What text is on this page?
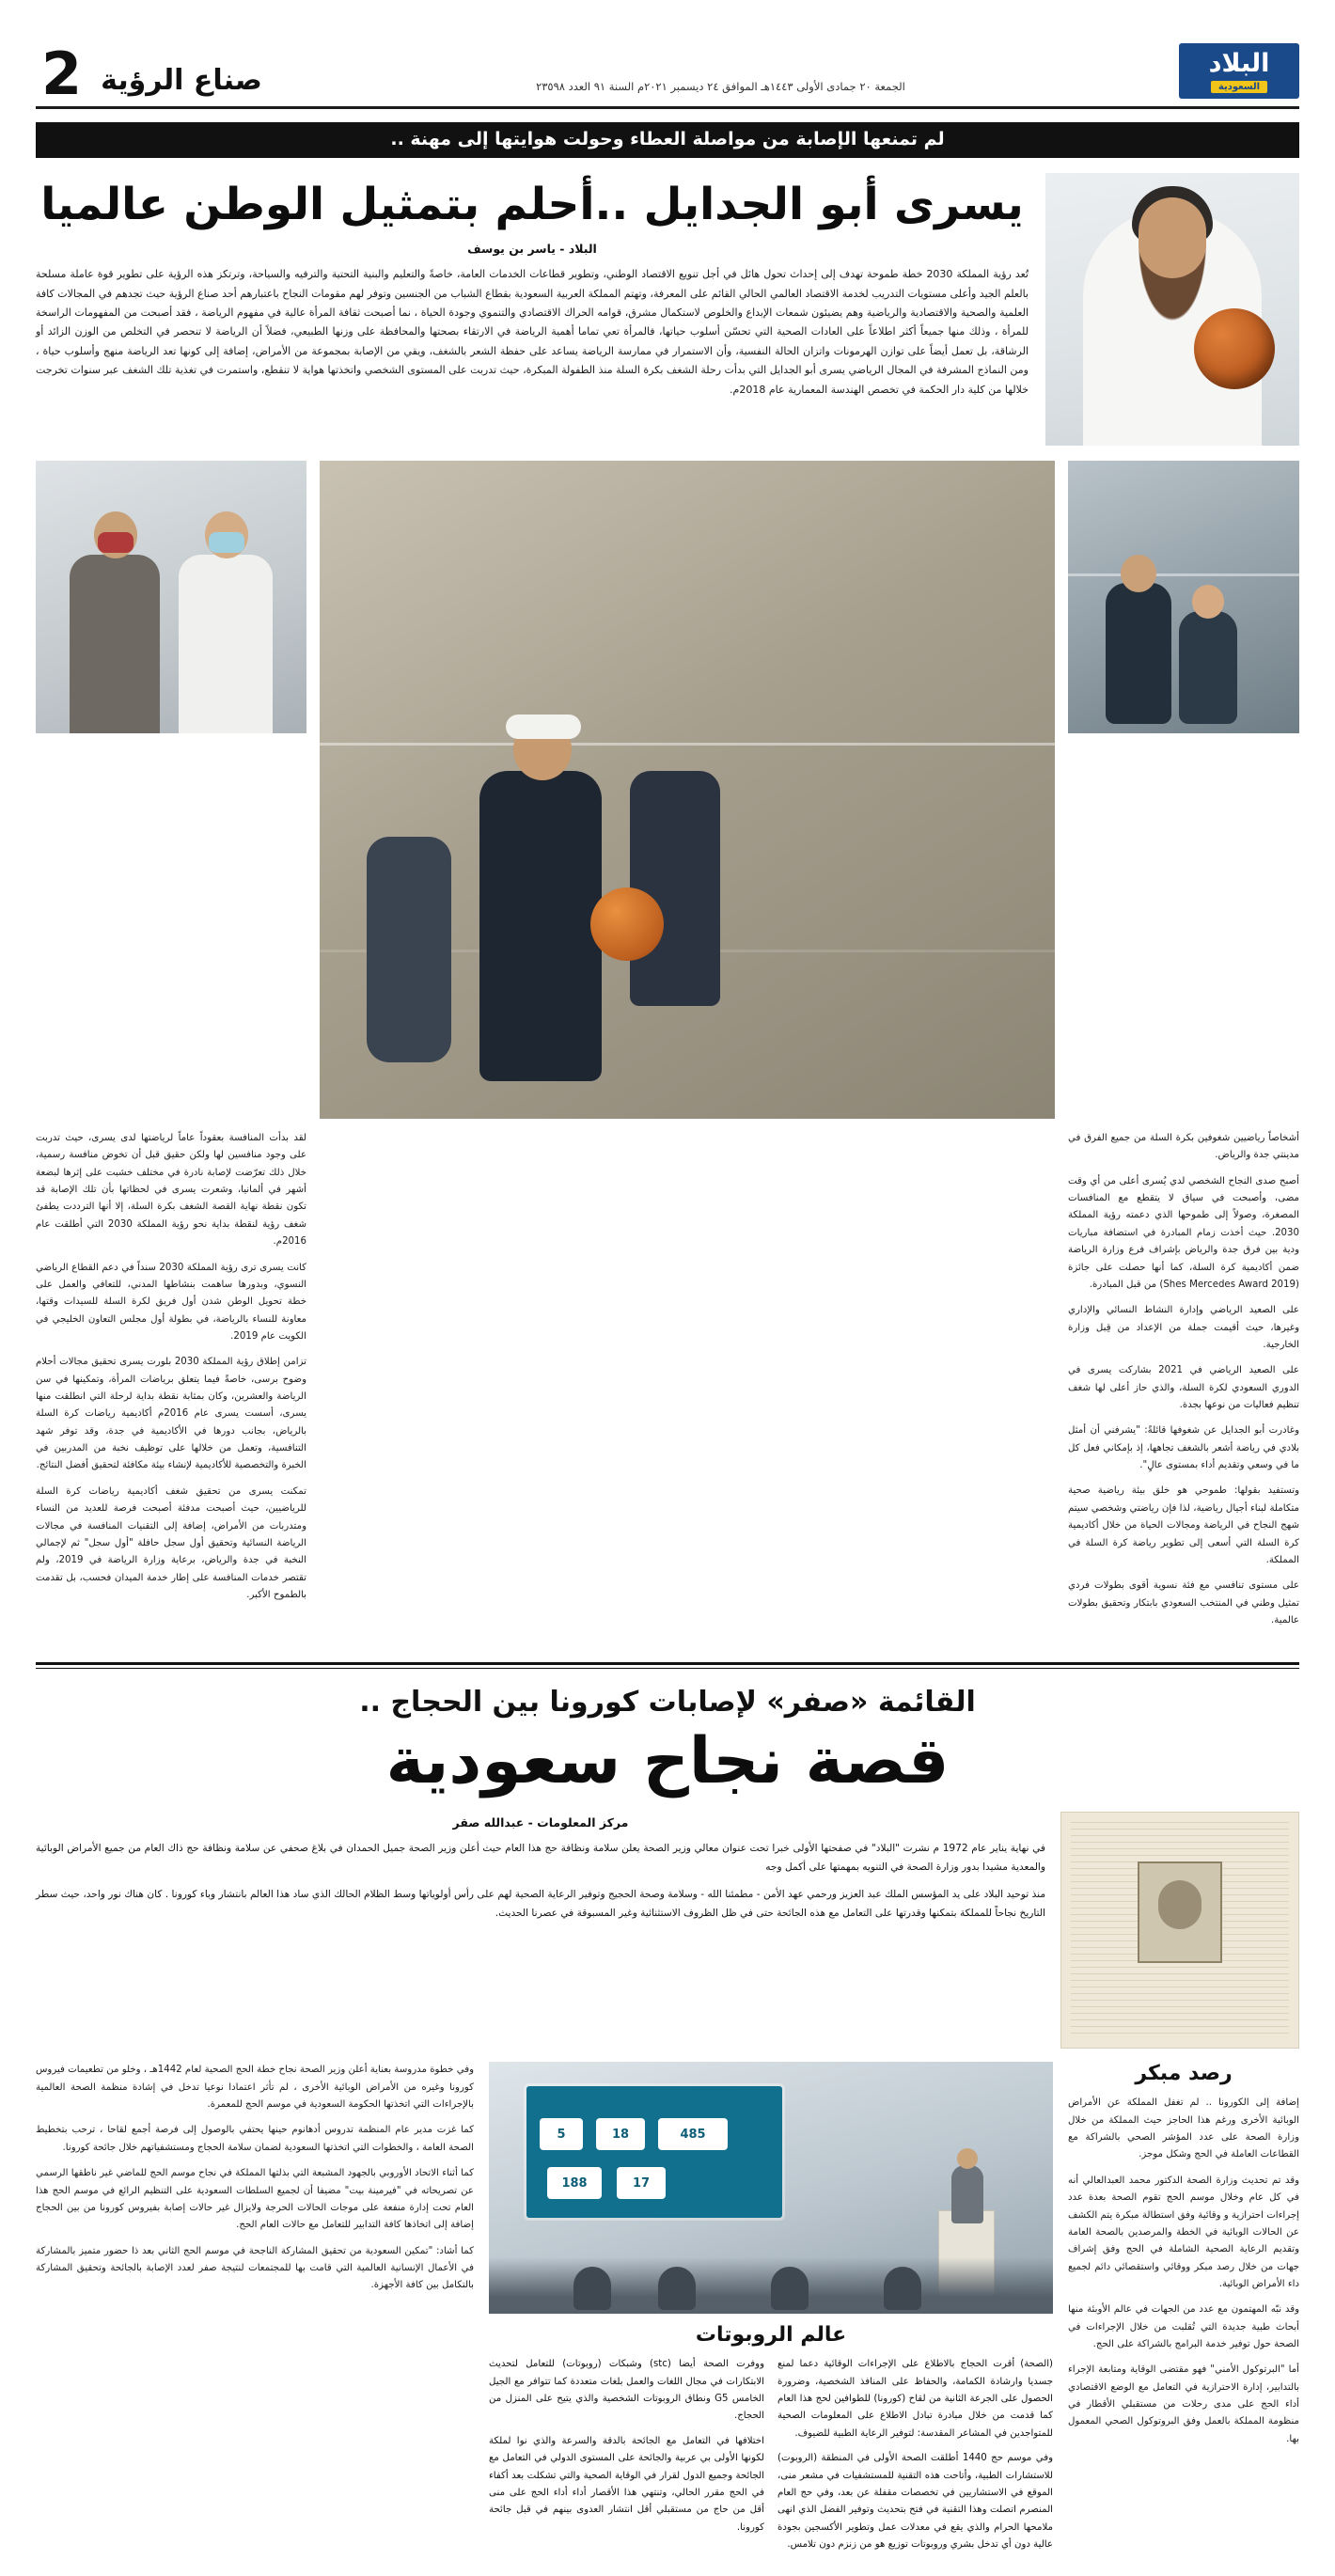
البلاد
السعودية
الجمعة ٢٠ جمادى الأولى ١٤٤٣هـ الموافق ٢٤ ديسمبر ٢٠٢١م السنة ٩١ العدد ٢٣٥٩٨
صناع الرؤية
2
لم تمنعها الإصابة من مواصلة العطاء وحولت هوايتها إلى مهنة ..
يسرى أبو الجدايل ..أحلم بتمثيل الوطن عالميا
البلاد - ياسر بن يوسف
تُعد رؤية المملكة 2030 خطة طموحة تهدف إلى إحداث تحول هائل في أجل تنويع الاقتصاد الوطني، وتطوير قطاعات الخدمات العامة، خاصةً والتعليم والبنية التحتية والترفيه والسياحة، وترتكز هذه الرؤية على تطوير قوة عاملة مسلحة بالعلم الجيد وأعلى مستويات التدريب لخدمة الاقتصاد العالمي الحالي القائم على المعرفة، وتهتم المملكة العربية السعودية بقطاع الشباب من الجنسين وتوفر لهم مقومات النجاح باعتبارهم أحد صناع الرؤية حيث تجدهم في المجالات كافة العلمية والصحية والاقتصادية والرياضية وهم يضيئون شمعات الإبداع والخلوص لاستكمال مشرق، قوامه الحراك الاقتصادي والتنموي وجودة الحياة ، نما أصبحت ثقافة المرأة عالية في مفهوم الرياضة ، فقد أصبحت من المفهومات الراسخة للمرأة ، وذلك منها جميعاً أكثر اطلاعاً على العادات الصحية التي تحسّن أسلوب حياتها، فالمرأة تعي تماما أهمية الرياضة في الارتقاء بصحتها والمحافظة على وزنها الطبيعي، فضلاً أن الرياضة لا تنحصر في التخلص من الوزن الزائد أو الرشاقة، بل تعمل أيضاً على توازن الهرمونات واتزان الحالة النفسية، وأن الاستمرار في ممارسة الرياضة يساعد على حفظة الشعر بالشغف، ويقي من الإصابة بمجموعة من الأمراض، إضافة إلى كونها تعد الرياضة منهج وأسلوب حياة ، ومن النماذج المشرفة في المجال الرياضي يسرى أبو الجدايل التي بدأت رحلة الشغف بكرة السلة منذ الطفولة المبكرة، حيث تدربت على المستوى الشخصي واتخذتها هواية لا تنقطع، واستمرت في تغذية تلك الشغف عبر سنوات تخرجت خلالها من كلية دار الحكمة في تخصص الهندسة المعمارية عام 2018م.

أشخاصاً رياضيين شغوفين بكرة السلة من جميع الفرق في مدينتي جدة والرياض.

أصبح صدى النجاح الشخصي لدي يُسرى أعلى من أي وقت مضى، وأصبحت في سياق لا يتقطع مع المنافسات المصغرة، وصولاً إلى طموحها الذي دعمته رؤية المملكة 2030. حيث أخذت زمام المبادرة في استضافة مباريات ودية بين فرق جدة والرياض بإشراف فرع وزارة الرياضة ضمن أكاديمية كرة السلة، كما أنها حصلت على جائزة (Shes Mercedes Award 2019) من قبل المبادرة.

على الصعيد الرياضي وإدارة النشاط النسائي والإداري وغيرها، حيث أقيمت جملة من الإعداد من قِبل وزارة الخارجية.

على الصعيد الرياضي في 2021 بشاركت يسرى في الدوري السعودي لكرة السلة، والذي حاز أعلى لها شغف تنظيم فعاليات من نوعها بجدة.

وغادرت أبو الجدايل عن شغوفها قائلةً: "يشرفني أن أمثل بلادي في رياضة أشعر بالشغف تجاهها، إذ بإمكاني فعل كل ما في وسعي وتقديم أداء بمستوى عالٍ".

وتستفيد بقولها: طموحي هو خلق بيئة رياضية صحية متكاملة لبناء أجيال رياضية، لذا فإن رياضتي وشخصي سيتم شهج النجاح في الرياضة ومجالات الحياة من خلال أكاديمية كرة السلة التي أسعى إلى تطوير رياضة كرة السلة في المملكة.

على مستوى تنافسي مع فئة نسوية أقوى بطولات فردي تمثيل وطني في المنتخب السعودي بابتكار وتحقيق بطولات عالمية.

لقد بدأت المنافسة بعقوداً عاماً لرياضتها لدى يسرى، حيث تدربت على وجود منافسين لها ولكن حقيق قبل أن تخوض منافسة رسمية، خلال ذلك تعرّضت لإصابة نادرة في مختلف خشبت على إثرها لبضعة أشهر في ألمانيا، وشعرت يسرى في لحظاتها بأن تلك الإصابة قد تكون نقطة نهاية القصة الشغف بكرة السلة، إلا أنها الترددت يطفئ شغف رؤية لنقطة بداية نحو رؤية المملكة 2030 التي أطلقت عام 2016م.

كانت يسرى ترى رؤية المملكة 2030 سنداً في دعم القطاع الرياضي النسوي، وبدورها ساهمت بنشاطها المدني، للتعافي والعمل على خطة تحويل الوطن شدن أول فريق لكرة السلة للسيدات وقتها، معاونة للنساء بالرياضة، في بطولة أول مجلس التعاون الخليجي في الكويت عام 2019.

تزامن إطلاق رؤية المملكة 2030 بلورت يسرى تحقيق مجالات أحلام وضوح برسى، خاصةً فيما يتعلق برياضات المرأة، وتمكينها في سن الرياضة والعشرين، وكان بمثابة نقطة بداية لرحلة التي انطلقت منها يسرى، أسست يسرى عام 2016م أكاديمية رياضات كرة السلة بالرياض، بجانب دورها في الأكاديمية في جدة، وقد توفر شهد التنافسية، وتعمل من خلالها على توظيف نخبة من المدربين في الخبرة والتخصصية للأكاديمية لإنشاء بيئة مكافئة لتحقيق أفضل النتائج.

تمكنت يسرى من تحقيق شغف أكاديمية رياضات كرة السلة للرياضيين، حيث أصبحت مدفئة أصبحت فرصة للعديد من النساء ومتدربات من الأمراض، إضافة إلى التقنيات المنافسة في مجالات الرياضة النسائية وتحقيق أول سجل حافلة "أول سجل" ثم لإجمالي النخبة في جدة والرياض، برعاية وزارة الرياضة في 2019، ولم تقتصر خدمات المنافسة على إطار خدمة الميدان فحسب، بل تقدمت بالطموح الأكبر.

القائمة «صفر» لإصابات كورونا بين الحجاج ..
قصة نجاح سعودية
مركز المعلومات - عبدالله صقر

في نهاية يناير عام 1972 م نشرت "البلاد" في صفحتها الأولى خبرا تحت عنوان معالي وزير الصحة يعلن سلامة ونظافة حج هذا العام حيث أعلن وزير الصحة جميل الحمدان في بلاغ صحفي عن سلامة ونظافة حج ذاك العام من جميع الأمراض الوبائية والمعدية مشيدا بدور وزارة الصحة في التنويه بمهمتها على أكمل وجه

منذ توحيد البلاد على يد المؤسس الملك عبد العزيز ورحمي عهد الأمن - مطمئنا الله - وسلامة وصحة الحجيج وتوفير الرعاية الصحية لهم على رأس أولوياتها وسط الظلام الحالك الذي ساد هذا العالم بانتشار وباء كورونا . كان هناك نور واحد، حيث سطر التاريخ نجاحاً للمملكة بتمكنها وقدرتها على التعامل مع هذه الجائحة حتى في ظل الظروف الاستثنائية وغير المسبوقة في عصرنا الحديث.

رصد مبكر

إضافة إلى الكورونا .. لم تغفل المملكة عن الأمراض الوبائية الأخرى ورغم هذا الحاجز حيث المملكة من خلال وزارة الصحة على عدد المؤشر الصحي بالشراكة مع القطاعات العاملة في الحج وشكل موجز.

وقد تم تحديث وزارة الصحة الدكتور محمد العبدالعالي أنه في كل عام وخلال موسم الحج تقوم الصحة بعدة عدد إجراءات احترازية و وقائية وفق استطالة مبكرة يتم الكشف عن الحالات الوبائية في الخطة والمرصدين بالصحة العامة وتقديم الرعاية الصحية الشاملة في الحج وفق إشراف جهات من خلال رصد مبكر ووقائي واستقصائي دائم لجميع داء الأمراض الوبائية.

وقد نبّه المهتمون مع عدد من الجهات في عالم الأوبئة منها أبحاث طبية جديدة التي تُقلبت من خلال الإجراءات في الصحة حول توفير خدمة البرامج بالشراكة على الحج.

أما "البرتوكول الأمني" فهو مقتضى الوقاية ومتابعة الإجراء بالتدابير، إدارة الاحترازية في التعامل مع الوضع الاقتصادي أداء الحج على مدى رحلات من مستقبلي الأقطار في منظومة المملكة بالعمل وفق البروتوكول الصحي المعمول بها.

5	18	485
188	17
عالم الروبوتات

(الصحة) أقرت الحجاج بالاطلاع على الإجراءات الوقائية دعما لمنع جسديا وارشادة الكمامة، والحفاظ على المنافذ الشخصية، وضرورة الحصول على الجرعة الثانية من لقاح (كورونا) للطوافين لحج هذا العام كما قدمت من خلال مبادرة تبادل الاطلاع على المعلومات الصحية للمتواجدين في المشاعر المقدسة: لتوفير الرعاية الطبية للضيوف.

وفي موسم حج 1440 أطلقت الصحة الأولى في المنطقة (الروبوت) للاستشارات الطبية، وأتاحت هذه التقنية للمستشفيات في مشعر منى، الموقع في الاستشاريين في تخصصات مقفلة عن بعد، وفي حج العام المنصرم اتصلت وهذا التقنية في فتح بتحديث وتوفير الفضل الذي انهى ملامحها الحرام والذي يقع في معدلات عمل وتطوير الأكسجين بجودة عالية دون أي تدخل بشري وروبوتات توزيع هو من زنزم دون تلامس.

ووفرت الصحة أيضا (stc) وشبكات (روبوتات) للتعامل لتحديث الابتكارات في مجال اللغات والعمل بلغات متعددة كما تتوافر مع الجيل الخامس G5 ونطاق الروبوتات الشخصية والذي يتيح على المنزل من الحجاج.

اختلافها في التعامل مع الجائحة بالدقة والسرعة والذي نوا لملكة لكونها الأولى بي عربية والجائحة على المستوى الدولي في التعامل مع الجائحة وجميع الدول لقرار في الوقاية الصحية والتي تشكلت بعد أكفاء في الحج مقرر الحالي، وتنتهي هذا الأقصار أداء أداء الحج على منى أقل من حاج من مستقبلي أقل انتشار العدوى بينهم في قبل جائحة كورونا.

وفي خطوة مدروسة بعناية أعلن وزير الصحة نجاح خطة الحج الصحية لعام 1442هـ ، وخلو من تطعيمات فيروس كورونا وغيره من الأمراض الوبائية الأخرى ، لم تأثر اعتمادا نوعيا تدخل في إشادة منظمة الصحة العالمية بالإجراءات التي اتخذتها الحكومة السعودية في موسم الحج للمعمرة.

كما غزت مدير عام المنظمة تدروس أدهانوم حينها يحتفي بالوصول إلى فرصة أجمع لقاحا ، ترحب بتخطيط الصحة العامة ، والخطوات التي اتخذتها السعودية لضمان سلامة الحجاج ومستشفياتهم خلال جائحة كورونا.

كما أثناء الاتحاد الأوروبي بالجهود المشبعة التي بذلتها المملكة في نجاح موسم الحج للماضي غير ناطقها الرسمي عن تصريحاته في "فيرمينة بيت" مضيفا أن لجميع السلطات السعودية على التنظيم الرائع في موسم الحج هذا العام تحت إدارة منفعة على موجات الحالات الحرجة ولايزال غير حالات إصابة بفيروس كورونا من بين الحجاج إضافة إلى اتخاذها كافة التدابير للتعامل مع حالات العام الحج.

كما أشاد: "تمكين السعودية من تحقيق المشاركة الناجحة في موسم الحج الثاني بعد ذا حضور متميز بالمشاركة في الأعمال الإنسانية العالمية التي قامت بها للمجتمعات لنتيجة صفر لعدد الإصابة بالجائحة وتحقيق المشاركة بالتكامل بين كافة الأجهزة.
